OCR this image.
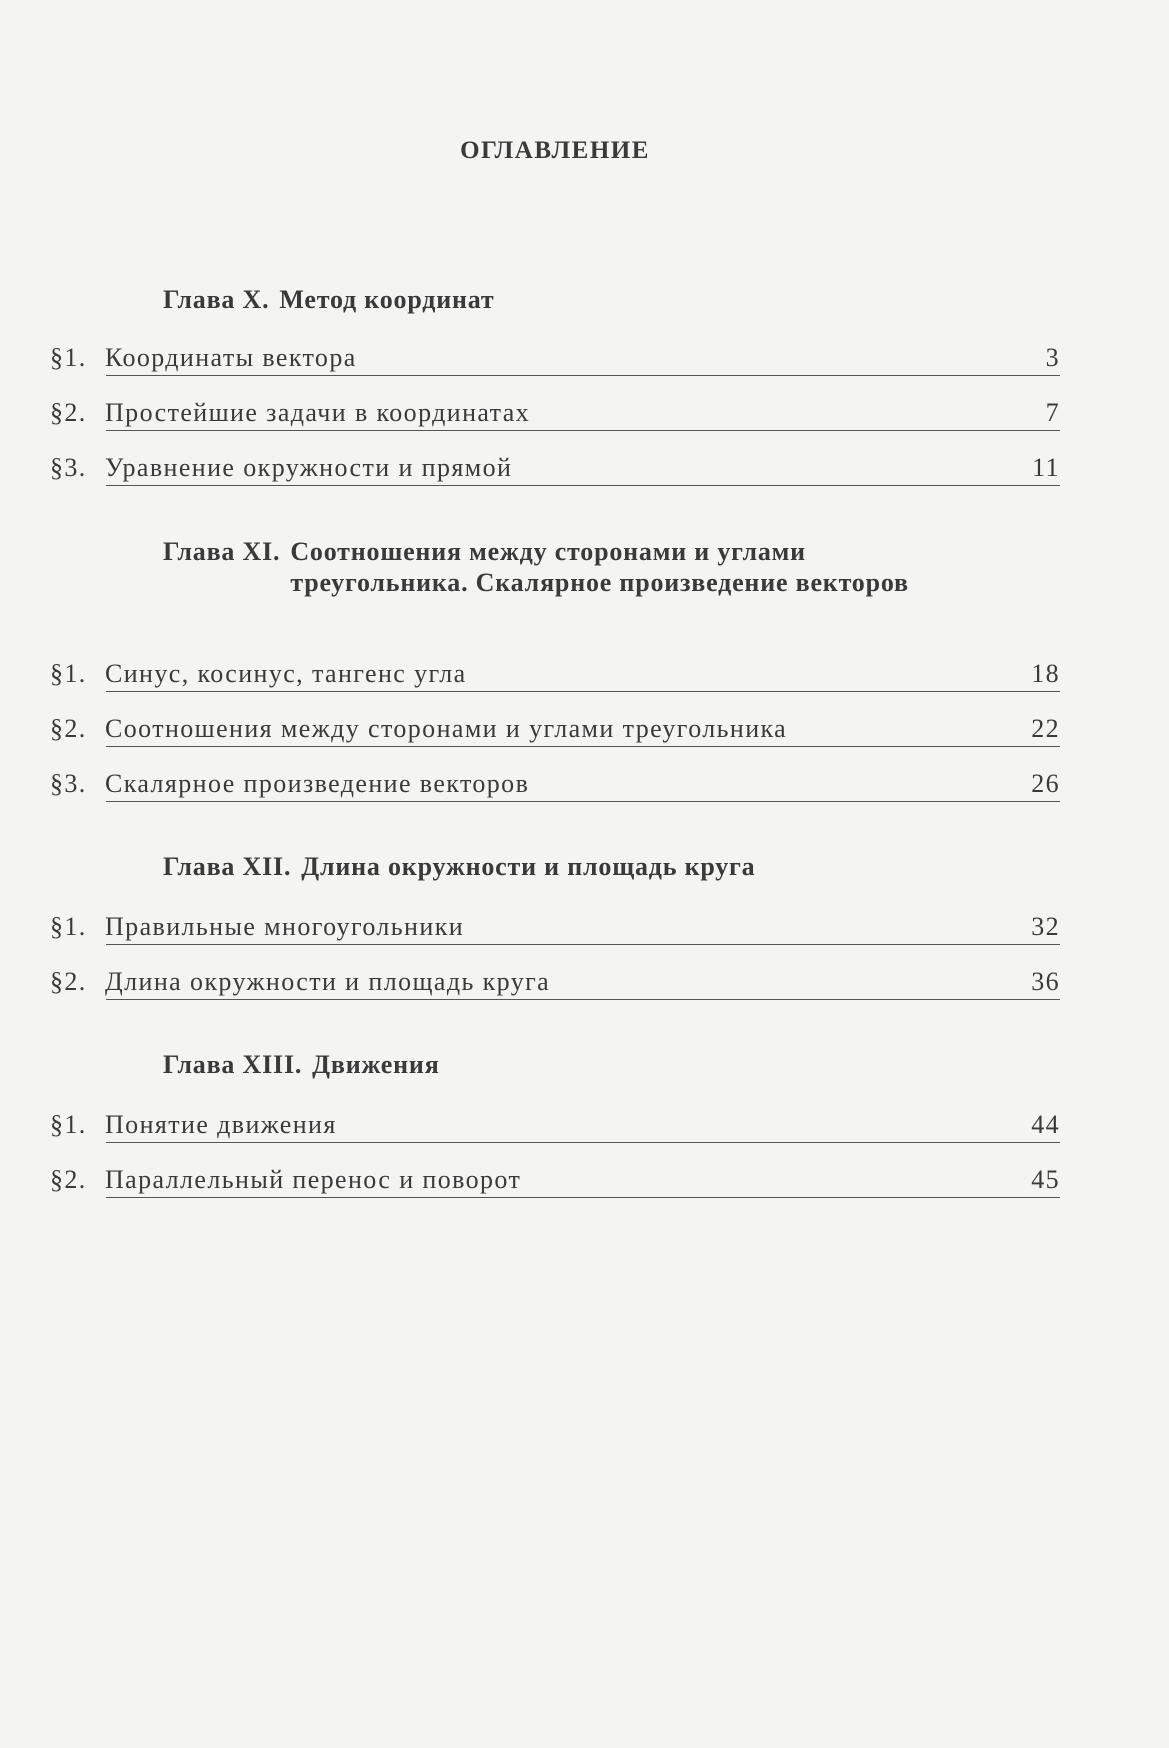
ОГЛАВЛЕНИЕ
Глава X. Метод координат
§1. Координаты вектора	3
§2. Простейшие задачи в координатах	7
§3. Уравнение окружности и прямой	11
Глава XI. Соотношения между сторонами и углами треугольника. Скалярное произведение векторов
§1. Синус, косинус, тангенс угла	18
§2. Соотношения между сторонами и углами треугольника	22
§3. Скалярное произведение векторов	26
Глава XII. Длина окружности и площадь круга
§1. Правильные многоугольники	32
§2. Длина окружности и площадь круга	36
Глава XIII. Движения
§1. Понятие движения	44
§2. Параллельный перенос и поворот	45
